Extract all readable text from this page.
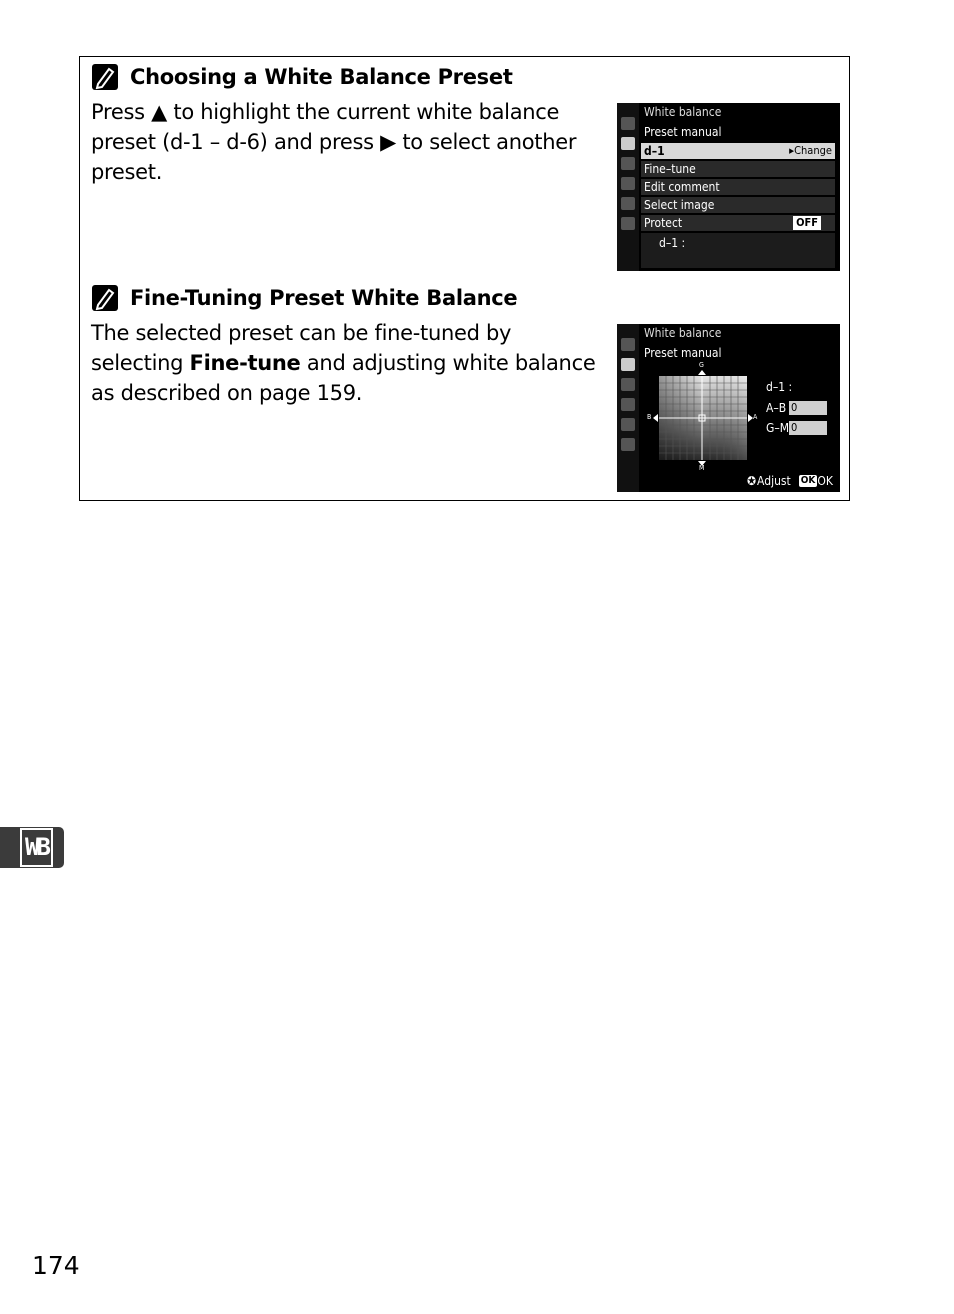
Choosing a White Balance Preset
Press ▲ to highlight the current white balance preset (d-1 – d-6) and press ▶ to select another preset.
White balance
Preset manual
d–1	▸Change
Fine–tune
Edit comment
Select image
Protect	OFF
d–1 :
Fine-Tuning Preset White Balance
The selected preset can be fine-tuned by selecting Fine-tune and adjusting white balance as described on page 159.
White balance
Preset manual
G
M
B	A
d–1 :
A–B 0
G–M 0
✪ Adjust OK OK
WB
174
